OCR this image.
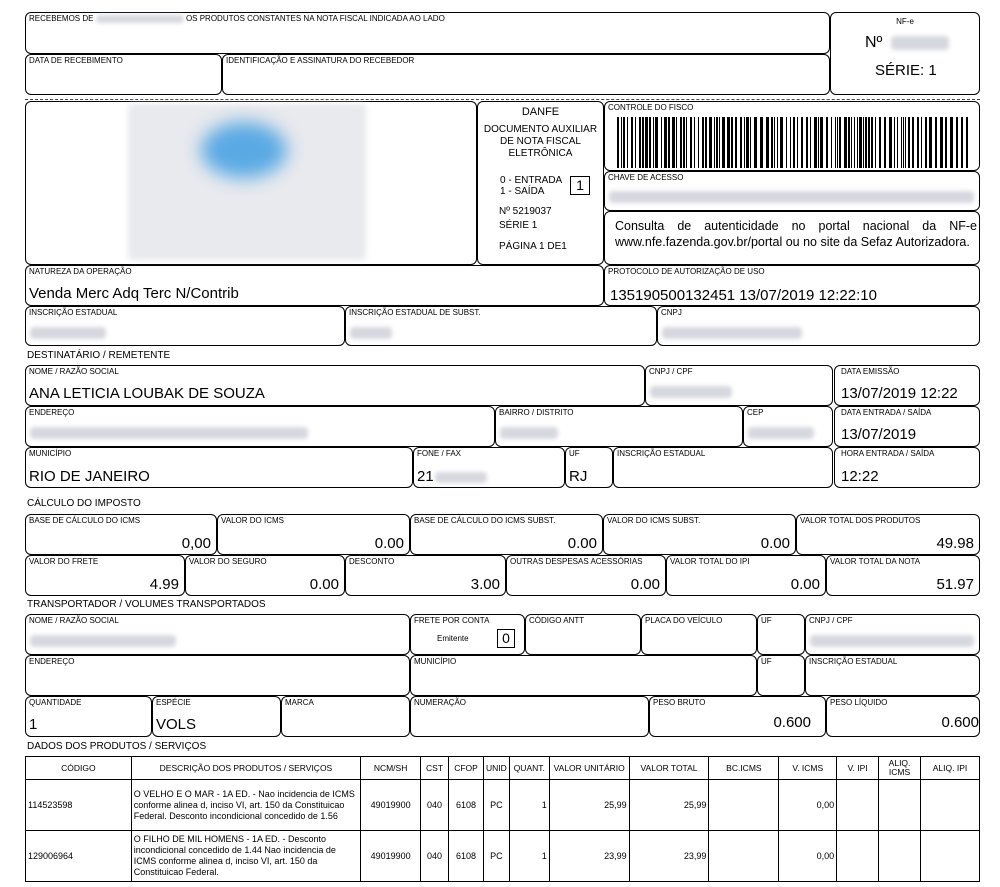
RECEBEMOS DE	OS PRODUTOS CONSTANTES NA NOTA FISCAL INDICADA AO LADO
DATA DE RECEBIMENTO	IDENTIFICAÇÃO E ASSINATURA DO RECEBEDOR
NF-e
Nº
SÉRIE: 1
DANFE
DOCUMENTO AUXILIAR DE NOTA FISCAL ELETRÔNICA
0 - ENTRADA
1 - SAÍDA	1
Nº 5219037
SÉRIE 1
PÁGINA 1 DE1
CONTROLE DO FISCO
CHAVE DE ACESSO
Consulta de autenticidade no portal nacional da NF-e www.nfe.fazenda.gov.br/portal ou no site da Sefaz Autorizadora.
NATUREZA DA OPERAÇÃO
Venda Merc Adq Terc N/Contrib
PROTOCOLO DE AUTORIZAÇÃO DE USO
135190500132451 13/07/2019 12:22:10
INSCRIÇÃO ESTADUAL	INSCRIÇÃO ESTADUAL DE SUBST.	CNPJ
DESTINATÁRIO / REMETENTE
NOME / RAZÃO SOCIAL
ANA LETICIA LOUBAK DE SOUZA
CNPJ / CPF	DATA EMISSÃO
13/07/2019 12:22
ENDEREÇO	BAIRRO / DISTRITO	CEP	DATA ENTRADA / SAÍDA
13/07/2019
MUNICÍPIO
RIO DE JANEIRO
FONE / FAX
21
UF
RJ
INSCRIÇÃO ESTADUAL	HORA ENTRADA / SAÍDA
12:22
CÁLCULO DO IMPOSTO
BASE DE CÁLCULO DO ICMS
0,00
VALOR DO ICMS
0.00
BASE DE CÁLCULO DO ICMS SUBST.
0.00
VALOR DO ICMS SUBST.
0.00
VALOR TOTAL DOS PRODUTOS
49.98
VALOR DO FRETE
4.99
VALOR DO SEGURO
0.00
DESCONTO
3.00
OUTRAS DESPESAS ACESSÓRIAS
0.00
VALOR TOTAL DO IPI
0.00
VALOR TOTAL DA NOTA
51.97
TRANSPORTADOR / VOLUMES TRANSPORTADOS
NOME / RAZÃO SOCIAL	FRETE POR CONTA
Emitente	0
CÓDIGO ANTT	PLACA DO VEÍCULO	UF	CNPJ / CPF
ENDEREÇO	MUNICÍPIO	UF	INSCRIÇÃO ESTADUAL
QUANTIDADE
1
ESPÉCIE
VOLS
MARCA	NUMERAÇÃO	PESO BRUTO
0.600
PESO LÍQUIDO
0.600
DADOS DOS PRODUTOS / SERVIÇOS
CÓDIGO	DESCRIÇÃO DOS PRODUTOS / SERVIÇOS	NCM/SH	CST	CFOP	UNID	QUANT.	VALOR UNITÁRIO	VALOR TOTAL	BC.ICMS	V. ICMS	V. IPI	ALIQ. ICMS	ALIQ. IPI
114523598	O VELHO E O MAR - 1A ED. - Nao incidencia de ICMS conforme alinea d, inciso VI, art. 150 da Constituicao Federal. Desconto incondicional concedido de 1.56	49019900	040	6108	PC	1	25,99	25,99		0,00			
129006964	O FILHO DE MIL HOMENS - 1A ED. - Desconto incondicional concedido de 1.44 Nao incidencia de ICMS conforme alinea d, inciso VI, art. 150 da Constituicao Federal.	49019900	040	6108	PC	1	23,99	23,99		0,00			
